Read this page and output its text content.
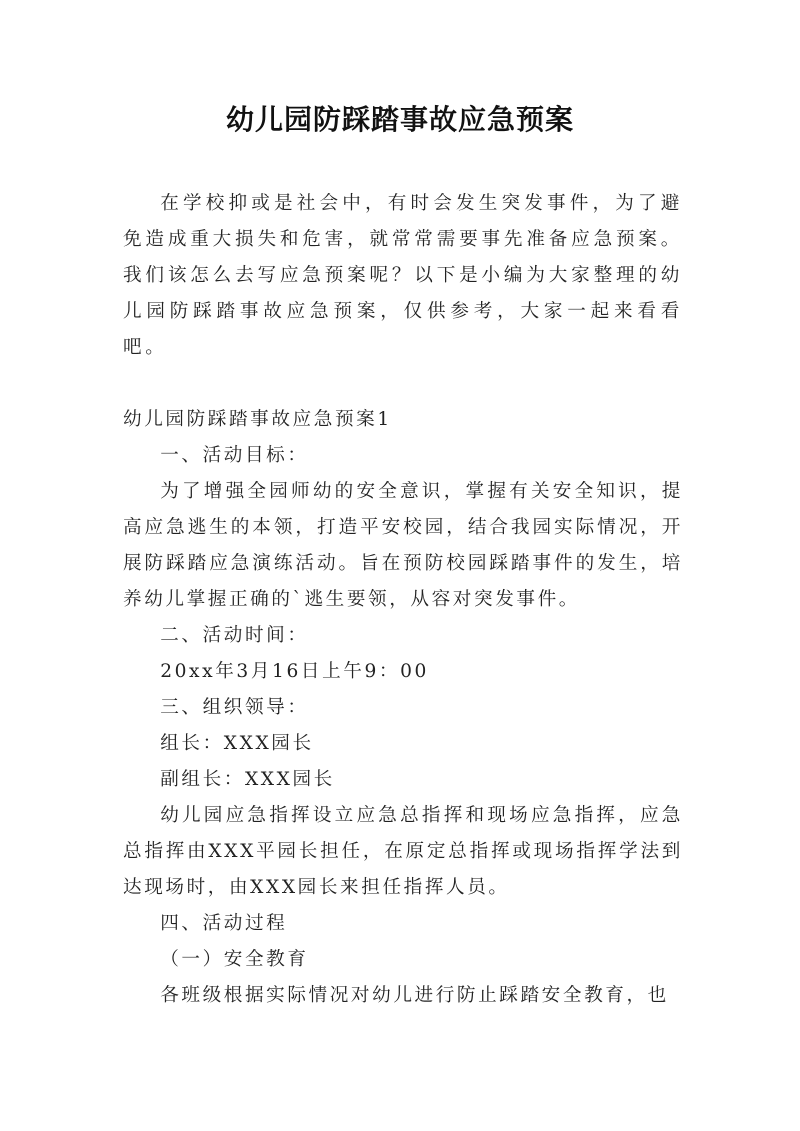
幼儿园防踩踏事故应急预案

在学校抑或是社会中，有时会发生突发事件，为了避免造成重大损失和危害，就常常需要事先准备应急预案。我们该怎么去写应急预案呢？以下是小编为大家整理的幼儿园防踩踏事故应急预案，仅供参考，大家一起来看看吧。

幼儿园防踩踏事故应急预案1

一、活动目标：

为了增强全园师幼的安全意识，掌握有关安全知识，提高应急逃生的本领，打造平安校园，结合我园实际情况，开展防踩踏应急演练活动。旨在预防校园踩踏事件的发生，培养幼儿掌握正确的`逃生要领，从容对突发事件。

二、活动时间：

20xx年3月16日上午9：00

三、组织领导：

组长：XXX园长

副组长：XXX园长

幼儿园应急指挥设立应急总指挥和现场应急指挥，应急总指挥由XXX平园长担任，在原定总指挥或现场指挥学法到达现场时，由XXX园长来担任指挥人员。

四、活动过程

（一）安全教育

各班级根据实际情况对幼儿进行防止踩踏安全教育，也
